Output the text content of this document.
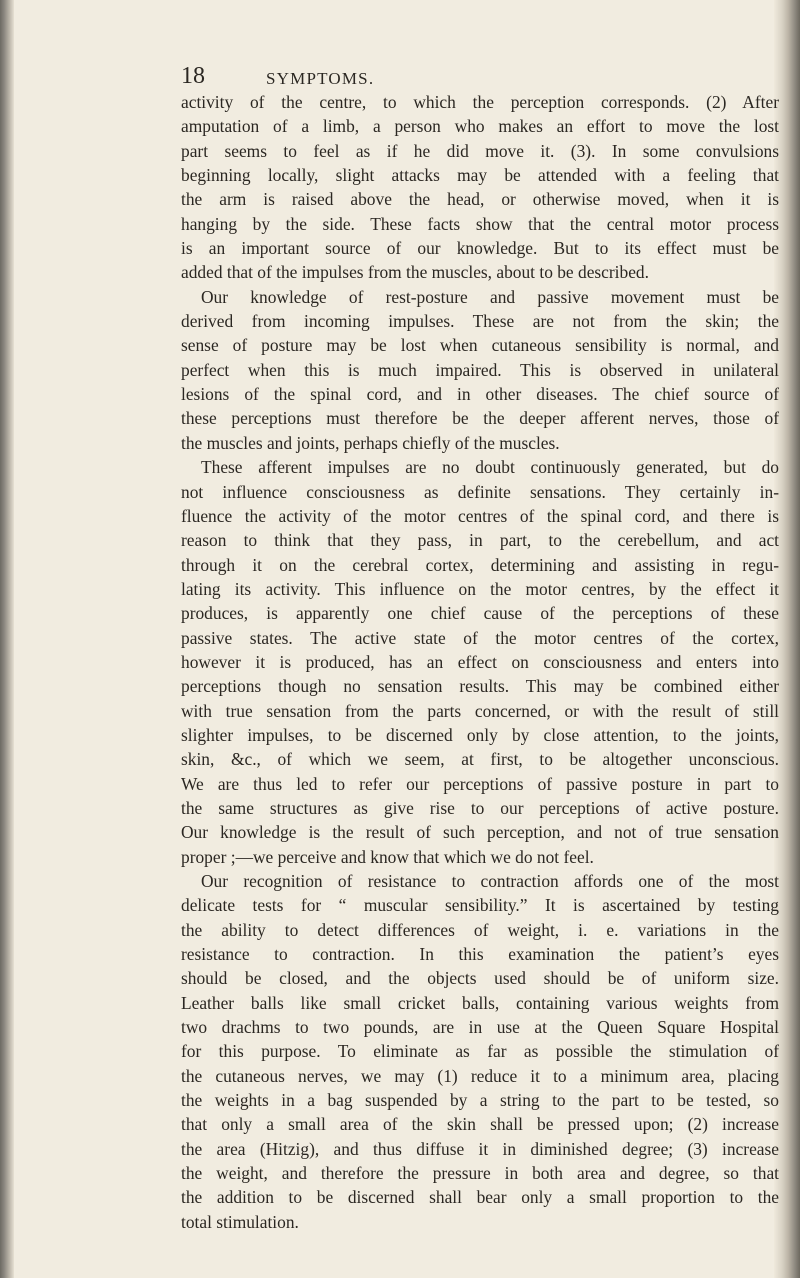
18	SYMPTOMS.
activity of the centre, to which the perception corresponds. (2) After
amputation of a limb, a person who makes an effort to move the lost
part seems to feel as if he did move it. (3). In some convulsions
beginning locally, slight attacks may be attended with a feeling that
the arm is raised above the head, or otherwise moved, when it is
hanging by the side. These facts show that the central motor process
is an important source of our knowledge. But to its effect must be
added that of the impulses from the muscles, about to be described.
Our knowledge of rest-posture and passive movement must be
derived from incoming impulses. These are not from the skin; the
sense of posture may be lost when cutaneous sensibility is normal, and
perfect when this is much impaired. This is observed in unilateral
lesions of the spinal cord, and in other diseases. The chief source of
these perceptions must therefore be the deeper afferent nerves, those of
the muscles and joints, perhaps chiefly of the muscles.
These afferent impulses are no doubt continuously generated, but do
not influence consciousness as definite sensations. They certainly in-
fluence the activity of the motor centres of the spinal cord, and there is
reason to think that they pass, in part, to the cerebellum, and act
through it on the cerebral cortex, determining and assisting in regu-
lating its activity. This influence on the motor centres, by the effect it
produces, is apparently one chief cause of the perceptions of these
passive states. The active state of the motor centres of the cortex,
however it is produced, has an effect on consciousness and enters into
perceptions though no sensation results. This may be combined either
with true sensation from the parts concerned, or with the result of still
slighter impulses, to be discerned only by close attention, to the joints,
skin, &c., of which we seem, at first, to be altogether unconscious.
We are thus led to refer our perceptions of passive posture in part to
the same structures as give rise to our perceptions of active posture.
Our knowledge is the result of such perception, and not of true sensation
proper ;—we perceive and know that which we do not feel.
Our recognition of resistance to contraction affords one of the most
delicate tests for “ muscular sensibility.” It is ascertained by testing
the ability to detect differences of weight, i. e. variations in the
resistance to contraction. In this examination the patient’s eyes
should be closed, and the objects used should be of uniform size.
Leather balls like small cricket balls, containing various weights from
two drachms to two pounds, are in use at the Queen Square Hospital
for this purpose. To eliminate as far as possible the stimulation of
the cutaneous nerves, we may (1) reduce it to a minimum area, placing
the weights in a bag suspended by a string to the part to be tested, so
that only a small area of the skin shall be pressed upon; (2) increase
the area (Hitzig), and thus diffuse it in diminished degree; (3) increase
the weight, and therefore the pressure in both area and degree, so that
the addition to be discerned shall bear only a small proportion to the
total stimulation.
